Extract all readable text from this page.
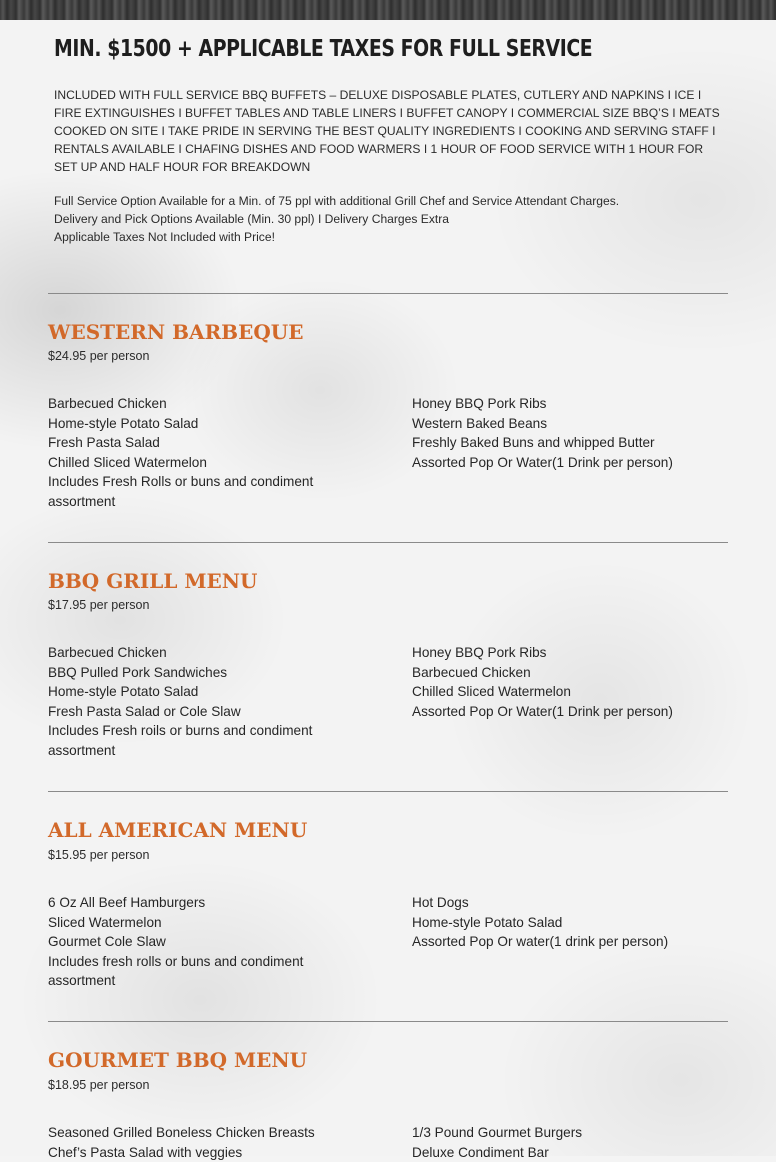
MIN. $1500 + APPLICABLE TAXES FOR FULL SERVICE

INCLUDED WITH FULL SERVICE BBQ BUFFETS – DELUXE DISPOSABLE PLATES, CUTLERY AND NAPKINS I ICE I FIRE EXTINGUISHES I BUFFET TABLES AND TABLE LINERS I BUFFET CANOPY I COMMERCIAL SIZE BBQ’S I MEATS COOKED ON SITE I TAKE PRIDE IN SERVING THE BEST QUALITY INGREDIENTS I COOKING AND SERVING STAFF I RENTALS AVAILABLE I CHAFING DISHES AND FOOD WARMERS I 1 HOUR OF FOOD SERVICE WITH 1 HOUR FOR SET UP AND HALF HOUR FOR BREAKDOWN

Full Service Option Available for a Min. of 75 ppl with additional Grill Chef and Service Attendant Charges.
Delivery and Pick Options Available (Min. 30 ppl) I Delivery Charges Extra
Applicable Taxes Not Included with Price!
WESTERN BARBEQUE
$24.95 per person
Barbecued Chicken
Home-style Potato Salad
Fresh Pasta Salad
Chilled Sliced Watermelon
Includes Fresh Rolls or buns and condiment assortment
Honey BBQ Pork Ribs
Western Baked Beans
Freshly Baked Buns and whipped Butter
Assorted Pop Or Water(1 Drink per person)
BBQ GRILL MENU
$17.95 per person
Barbecued Chicken
BBQ Pulled Pork Sandwiches
Home-style Potato Salad
Fresh Pasta Salad or Cole Slaw
Includes Fresh roils or burns and condiment assortment
Honey BBQ Pork Ribs
Barbecued Chicken
Chilled Sliced Watermelon
Assorted Pop Or Water(1 Drink per person)
ALL AMERICAN MENU
$15.95 per person
6 Oz All Beef Hamburgers
Sliced Watermelon
Gourmet Cole Slaw
Includes fresh rolls or buns and condiment assortment
Hot Dogs
Home-style Potato Salad
Assorted Pop Or water(1 drink per person)
GOURMET BBQ MENU
$18.95 per person
Seasoned Grilled Boneless Chicken Breasts
Chef’s Pasta Salad with veggies
1/3 Pound Gourmet Burgers
Deluxe Condiment Bar
